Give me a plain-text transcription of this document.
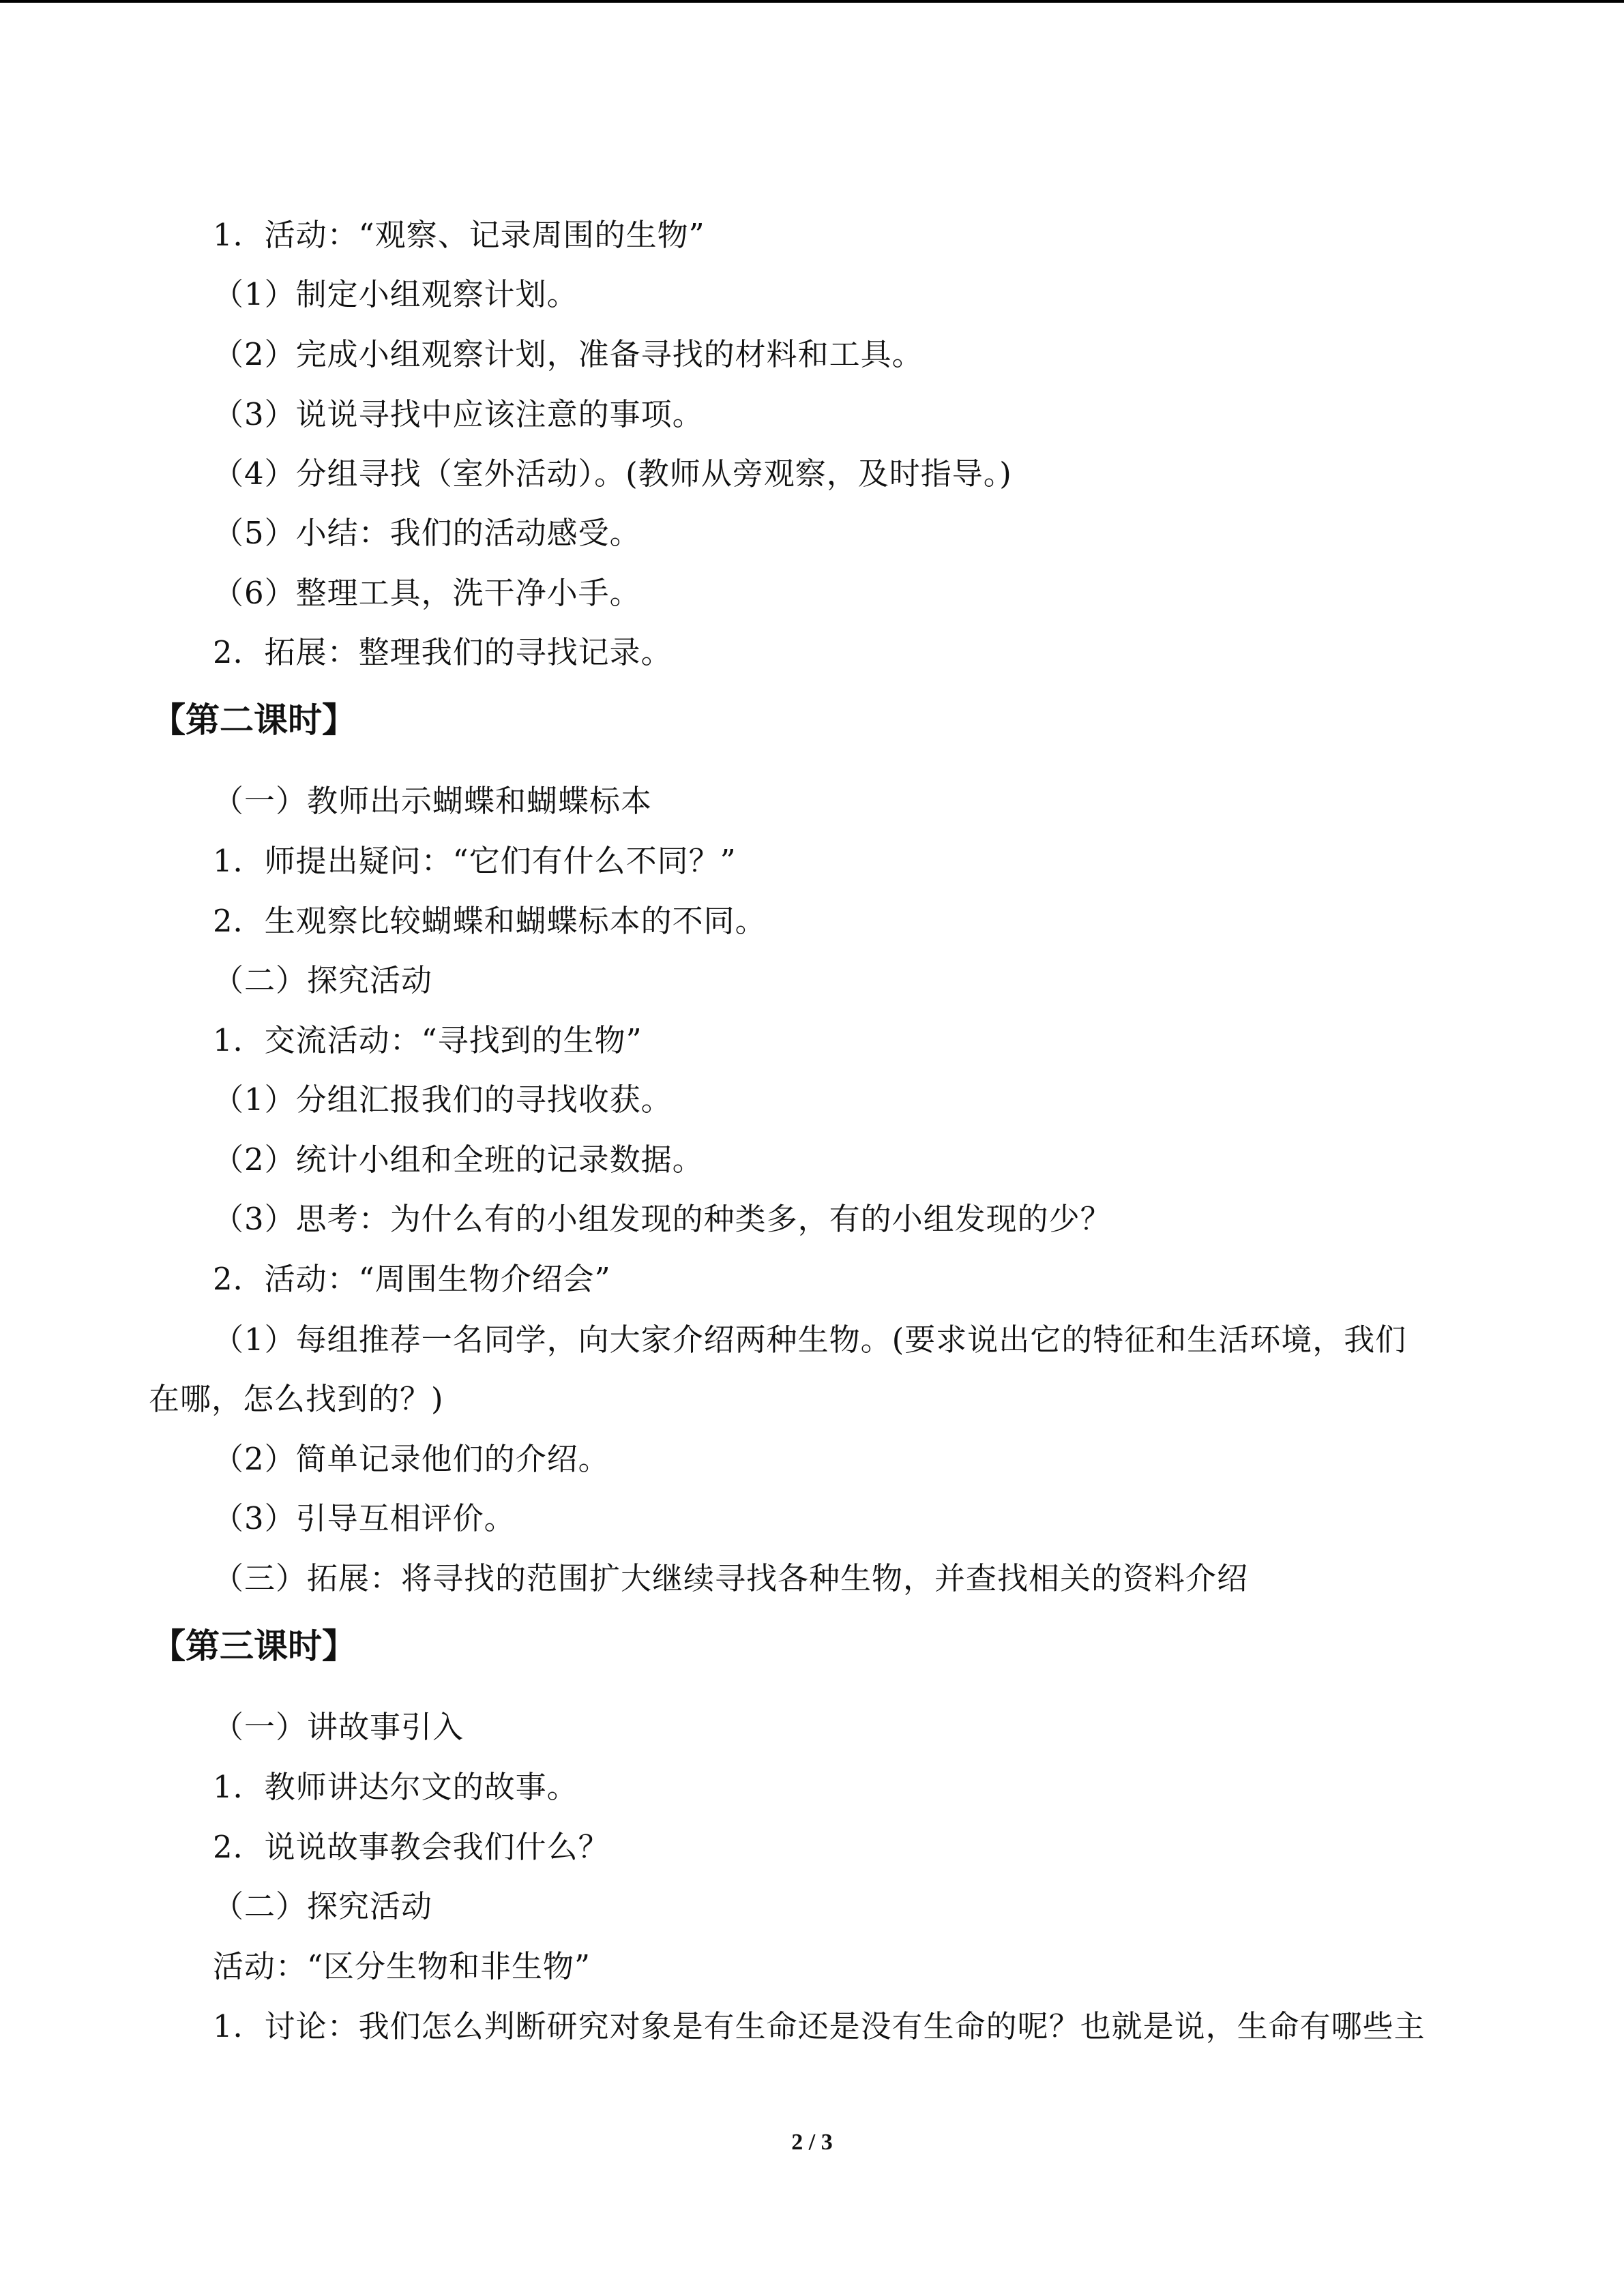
1．活动：“观察、记录周围的生物”
（1）制定小组观察计划。
（2）完成小组观察计划，准备寻找的材料和工具。
（3）说说寻找中应该注意的事项。
（4）分组寻找（室外活动）。(教师从旁观察，及时指导。)
（5）小结：我们的活动感受。
（6）整理工具，洗干净小手。
2．拓展：整理我们的寻找记录。
【第二课时】
（一）教师出示蝴蝶和蝴蝶标本
1．师提出疑问：“它们有什么不同？”
2．生观察比较蝴蝶和蝴蝶标本的不同。
（二）探究活动
1．交流活动：“寻找到的生物”
（1）分组汇报我们的寻找收获。
（2）统计小组和全班的记录数据。
（3）思考：为什么有的小组发现的种类多，有的小组发现的少？
2．活动：“周围生物介绍会”
（1）每组推荐一名同学，向大家介绍两种生物。(要求说出它的特征和生活环境，我们
在哪，怎么找到的？)
（2）简单记录他们的介绍。
（3）引导互相评价。
（三）拓展：将寻找的范围扩大继续寻找各种生物，并查找相关的资料介绍
【第三课时】
（一）讲故事引入
1．教师讲达尔文的故事。
2．说说故事教会我们什么？
（二）探究活动
活动：“区分生物和非生物”
1．讨论：我们怎么判断研究对象是有生命还是没有生命的呢？也就是说，生命有哪些主
2 / 3
